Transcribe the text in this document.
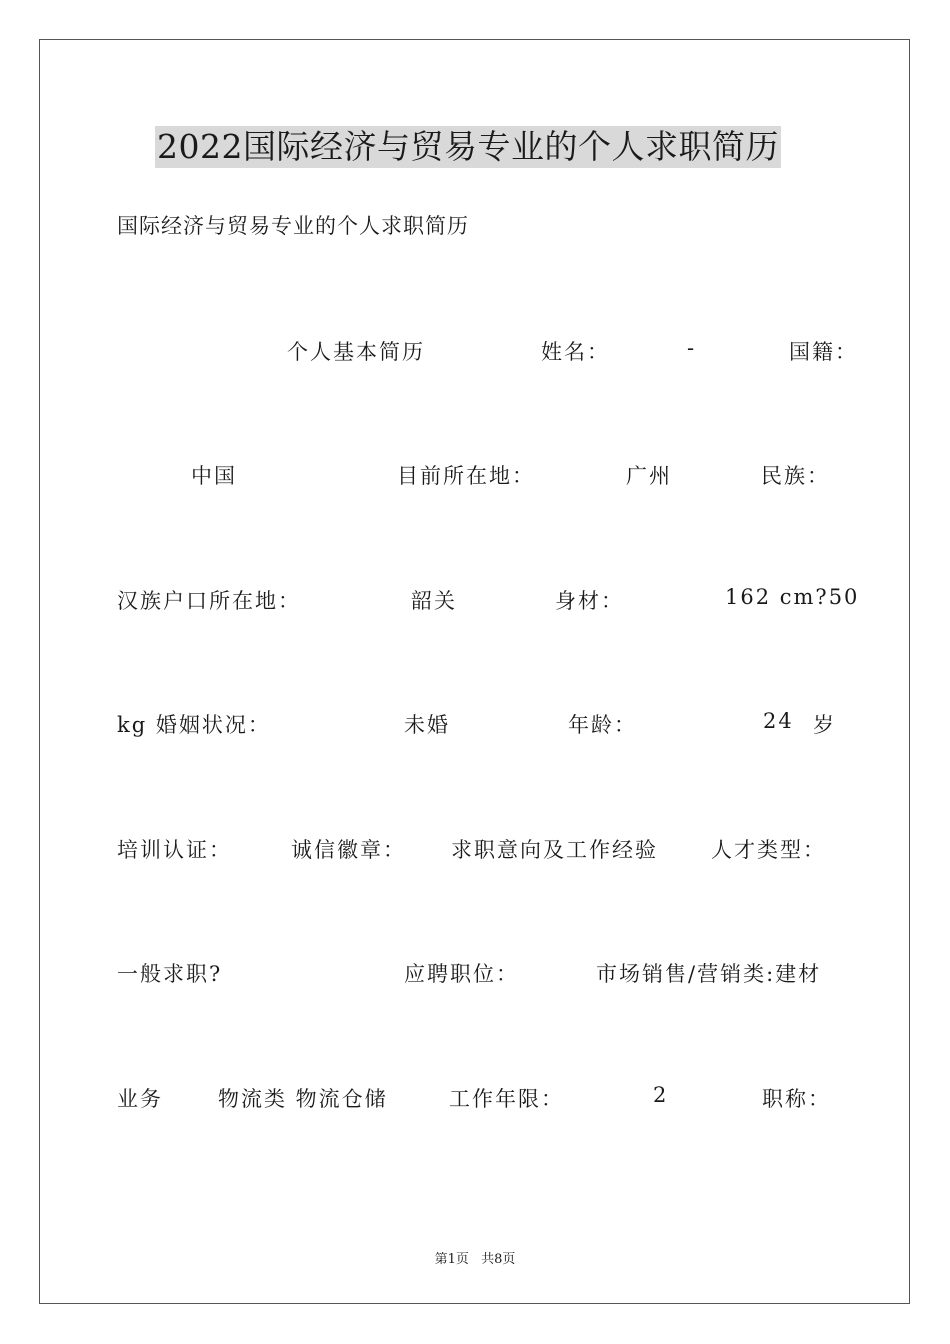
2022国际经济与贸易专业的个人求职简历
国际经济与贸易专业的个人求职简历
个人基本简历	姓名：	-	国籍：
中国	目前所在地：	广州	民族：
汉族户口所在地：	韶关	身材：	162 cm?50
kg 婚姻状况：	未婚	年龄：	24 岁
培训认证：	诚信徽章： 求职意向及工作经验	人才类型：
一般求职?	应聘职位：	市场销售/营销类:建材
业务	物流类 物流仓储	工作年限：	2	职称：
第1页 共8页
